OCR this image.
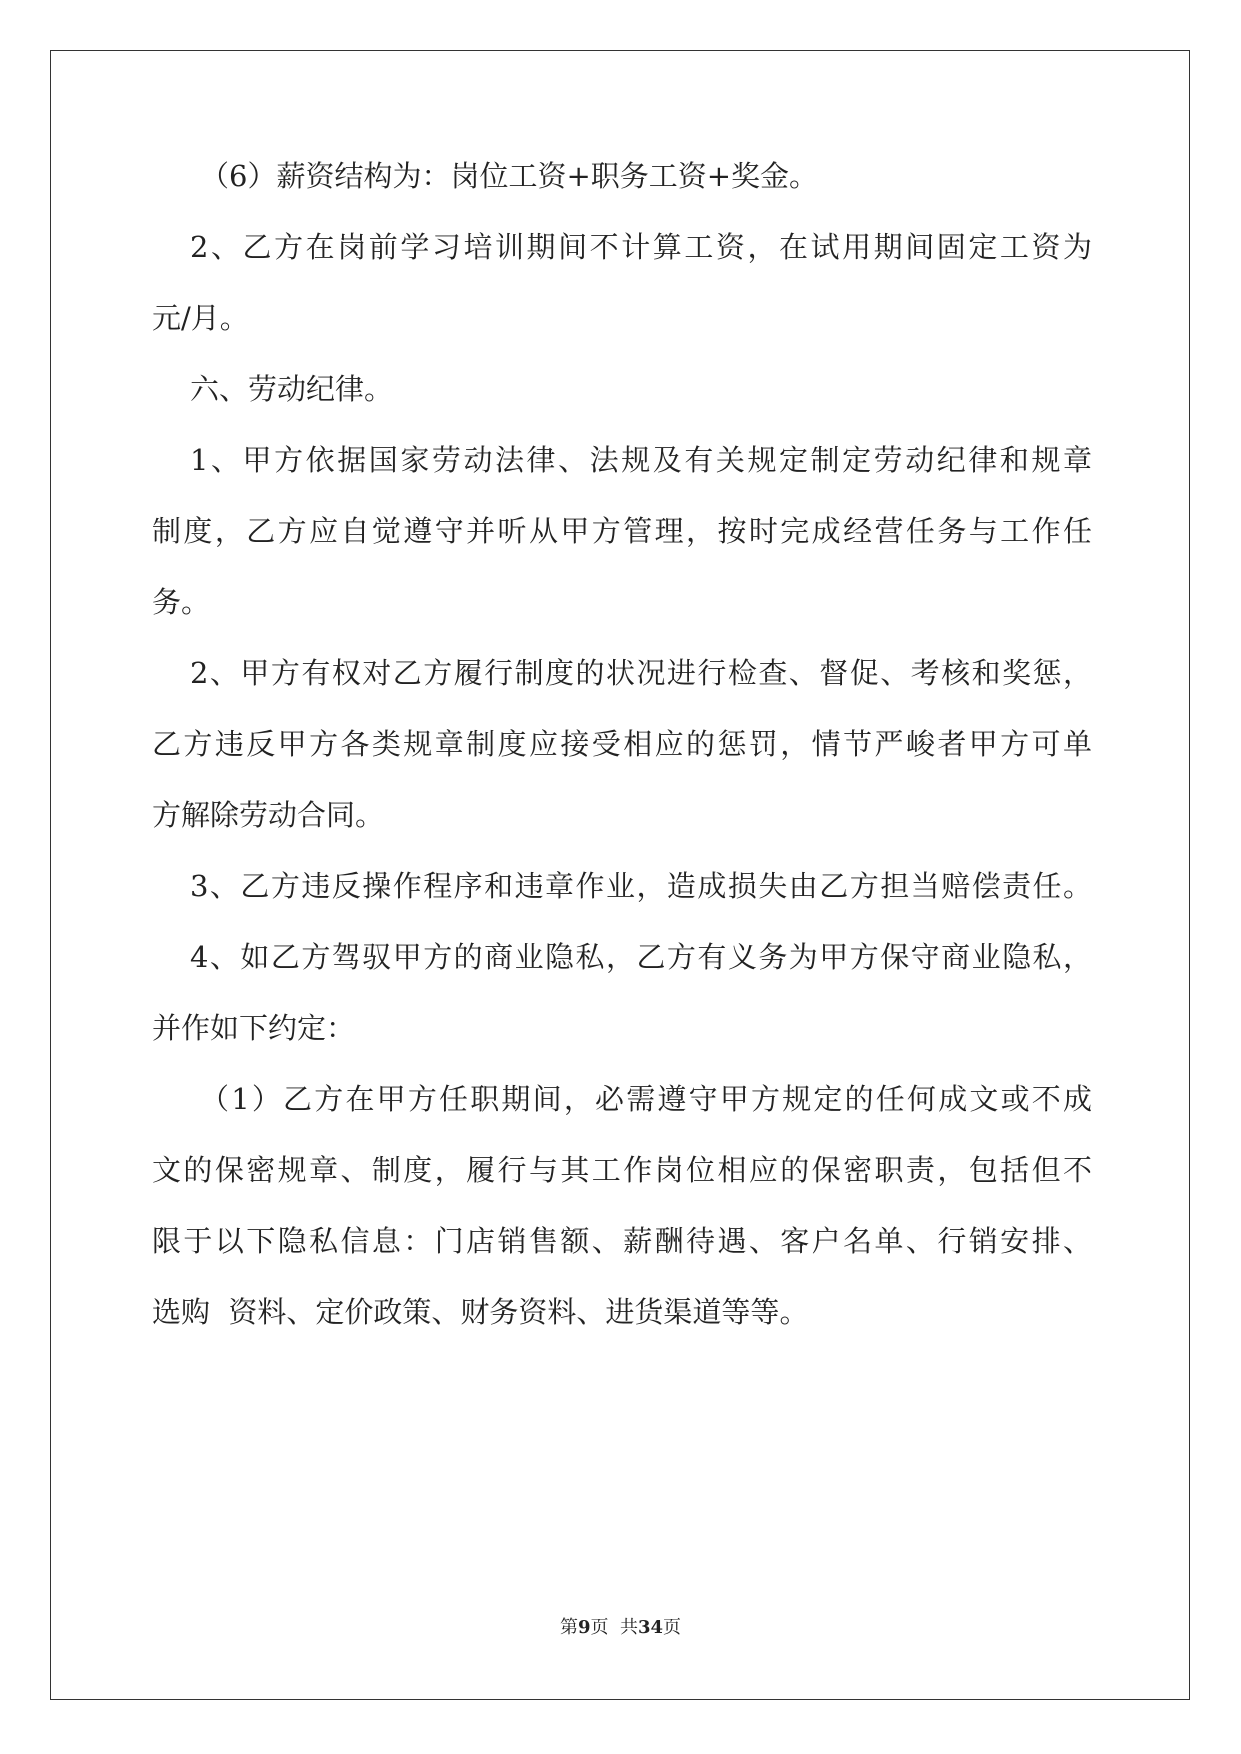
（6）薪资结构为：岗位工资+职务工资+奖金。
2、乙方在岗前学习培训期间不计算工资，在试用期间固定工资为
元/月。
六、劳动纪律。
1、甲方依据国家劳动法律、法规及有关规定制定劳动纪律和规章
制度，乙方应自觉遵守并听从甲方管理，按时完成经营任务与工作任
务。
2、甲方有权对乙方履行制度的状况进行检查、督促、考核和奖惩，
乙方违反甲方各类规章制度应接受相应的惩罚，情节严峻者甲方可单
方解除劳动合同。
3、乙方违反操作程序和违章作业，造成损失由乙方担当赔偿责任。
4、如乙方驾驭甲方的商业隐私，乙方有义务为甲方保守商业隐私，
并作如下约定：
（1）乙方在甲方任职期间，必需遵守甲方规定的任何成文或不成
文的保密规章、制度，履行与其工作岗位相应的保密职责，包括但不
限于以下隐私信息：门店销售额、薪酬待遇、客户名单、行销安排、
选购  资料、定价政策、财务资料、进货渠道等等。
第9页  共34页
